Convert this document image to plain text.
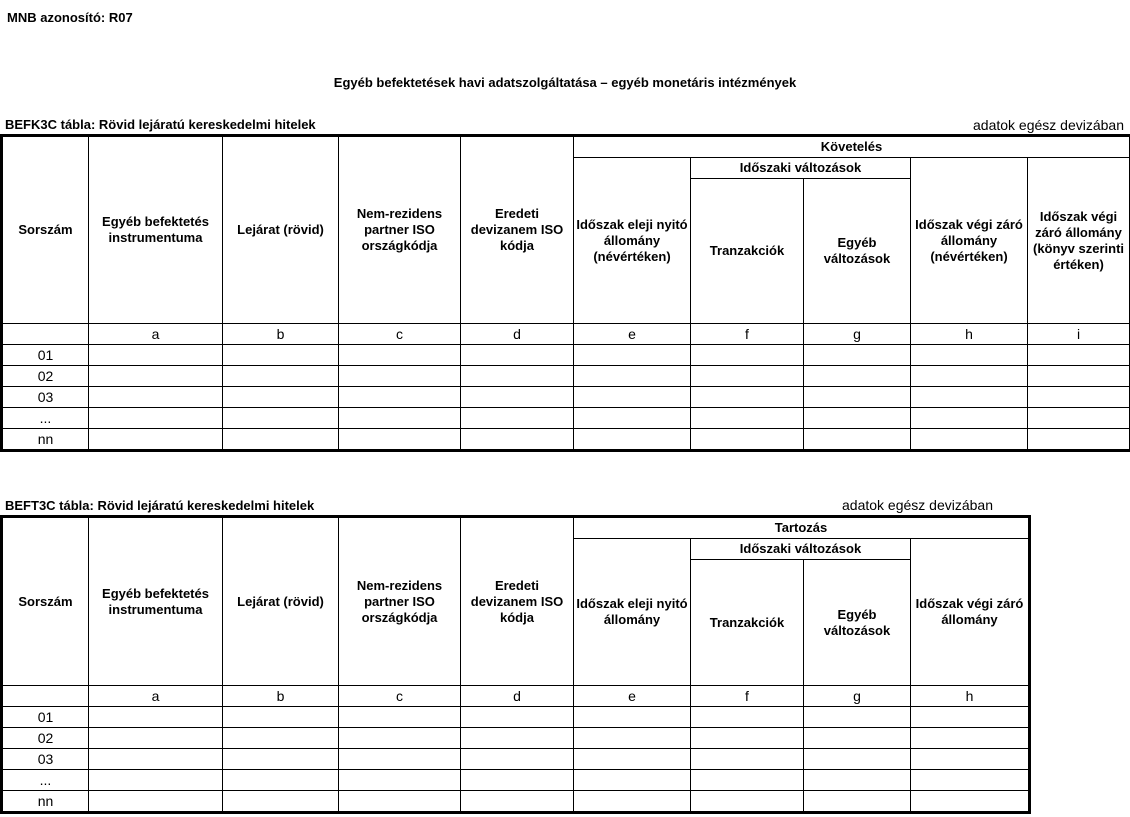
MNB azonosító: R07
Egyéb befektetések havi adatszolgáltatása – egyéb monetáris intézmények
BEFK3C tábla: Rövid lejáratú kereskedelmi hitelek	adatok egész devizában
Sorszám	Egyéb befektetés instrumentuma	Lejárat (rövid)	Nem-rezidens partner ISO országkódja	Eredeti devizanem ISO kódja	Követelés				
					Időszak eleji nyitó állomány (névértéken)	Időszaki változások		Időszak végi záró állomány (névértéken)	Időszak végi záró állomány (könyv szerinti értéken)
						Tranzakciók	Egyéb változások		
	a	b	c	d	e	f	g	h	i
01									
02									
03									
...									
nn									
BEFT3C tábla: Rövid lejáratú kereskedelmi hitelek	adatok egész devizában
Sorszám	Egyéb befektetés instrumentuma	Lejárat (rövid)	Nem-rezidens partner ISO országkódja	Eredeti devizanem ISO kódja	Tartozás			
					Időszak eleji nyitó állomány	Időszaki változások		Időszak végi záró állomány
						Tranzakciók	Egyéb változások	
	a	b	c	d	e	f	g	h
01								
02								
03								
...								
nn								
